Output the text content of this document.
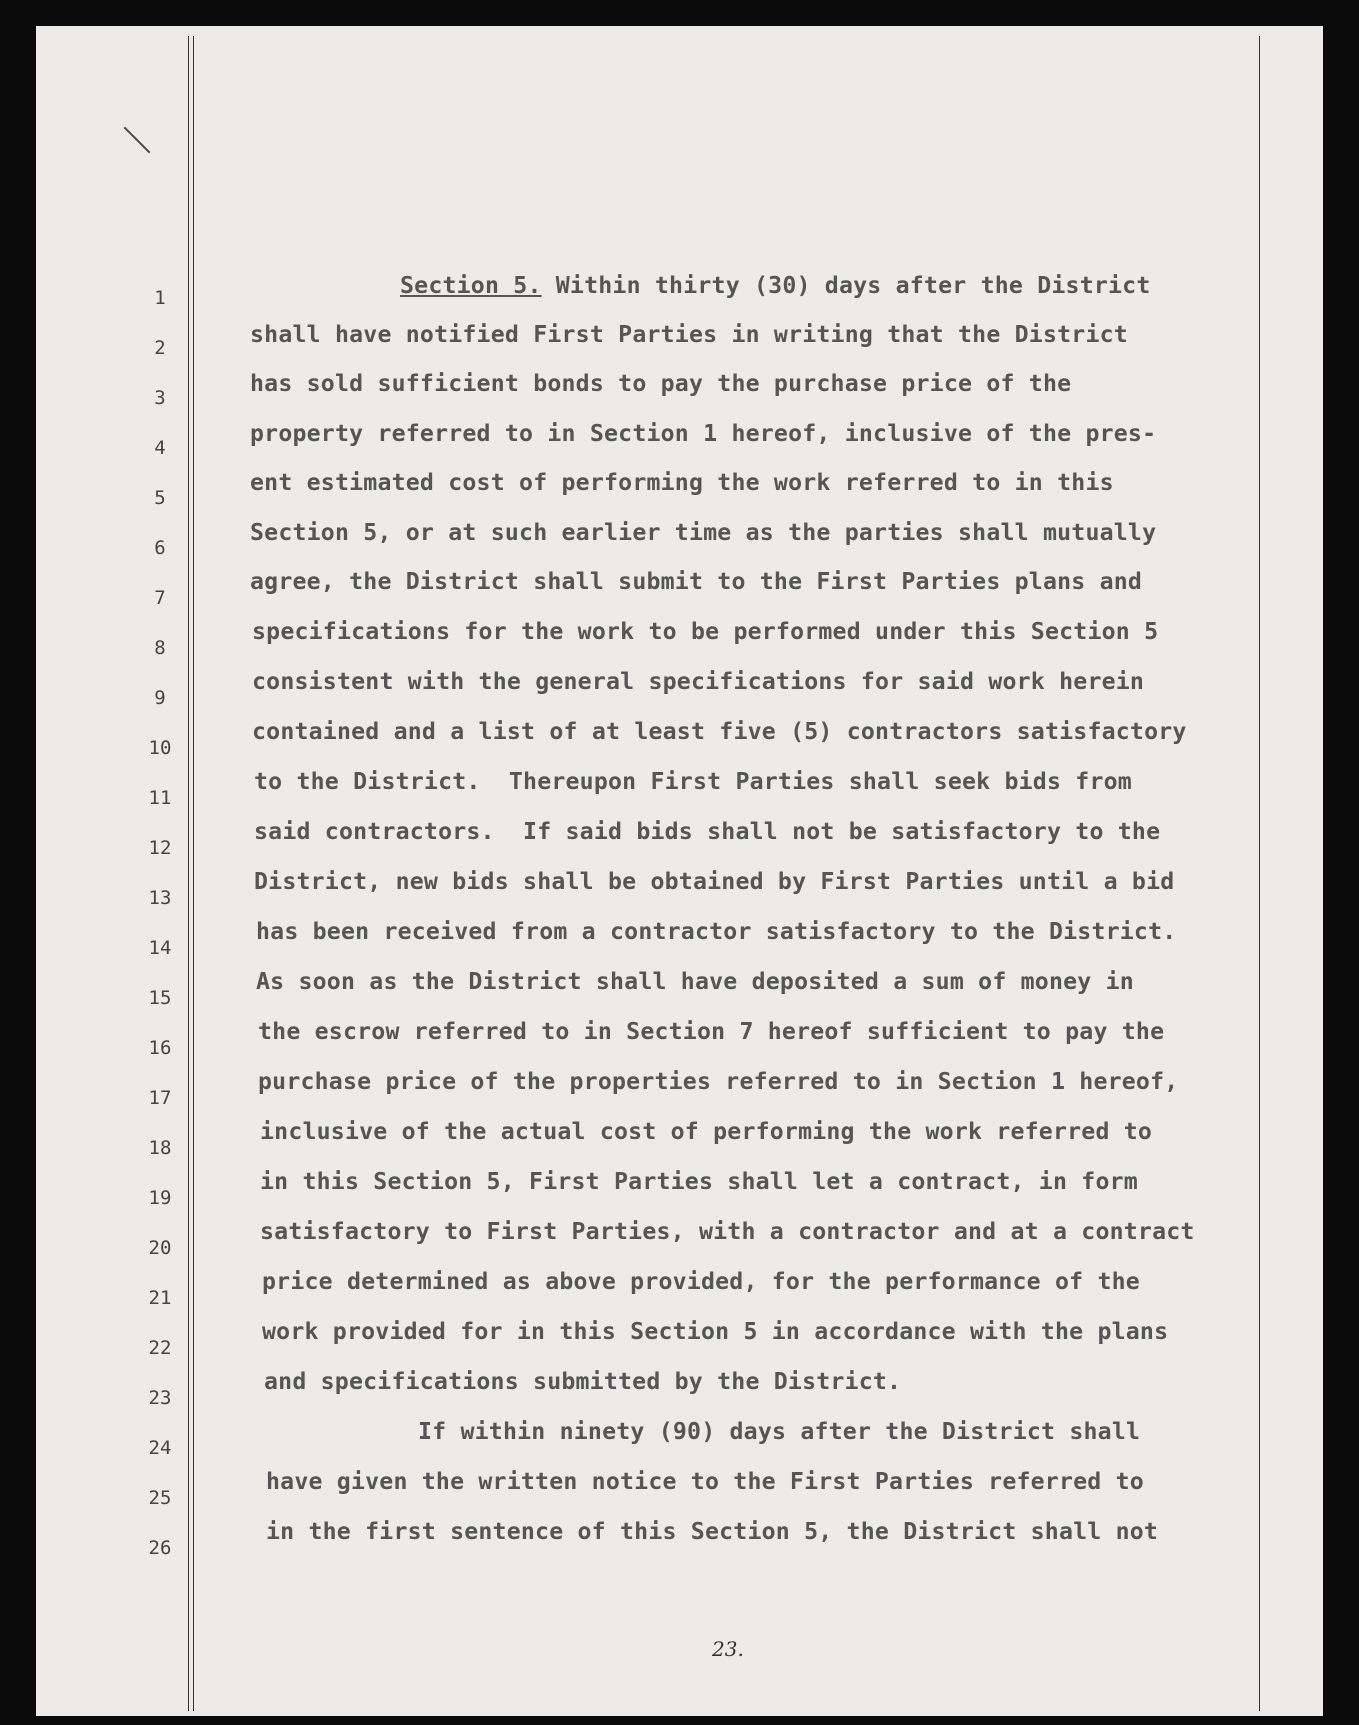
1
2
3
4
5
6
7
8
9
10
11
12
13
14
15
16
17
18
19
20
21
22
23
24
25
26
Section 5. Within thirty (30) days after the District
shall have notified First Parties in writing that the District
has sold sufficient bonds to pay the purchase price of the
property referred to in Section 1 hereof, inclusive of the pres-
ent estimated cost of performing the work referred to in this
Section 5, or at such earlier time as the parties shall mutually
agree, the District shall submit to the First Parties plans and
specifications for the work to be performed under this Section 5
consistent with the general specifications for said work herein
contained and a list of at least five (5) contractors satisfactory
to the District.  Thereupon First Parties shall seek bids from
said contractors.  If said bids shall not be satisfactory to the
District, new bids shall be obtained by First Parties until a bid
has been received from a contractor satisfactory to the District.
As soon as the District shall have deposited a sum of money in
the escrow referred to in Section 7 hereof sufficient to pay the
purchase price of the properties referred to in Section 1 hereof,
inclusive of the actual cost of performing the work referred to
in this Section 5, First Parties shall let a contract, in form
satisfactory to First Parties, with a contractor and at a contract
price determined as above provided, for the performance of the
work provided for in this Section 5 in accordance with the plans
and specifications submitted by the District.
If within ninety (90) days after the District shall
have given the written notice to the First Parties referred to
in the first sentence of this Section 5, the District shall not
23.
